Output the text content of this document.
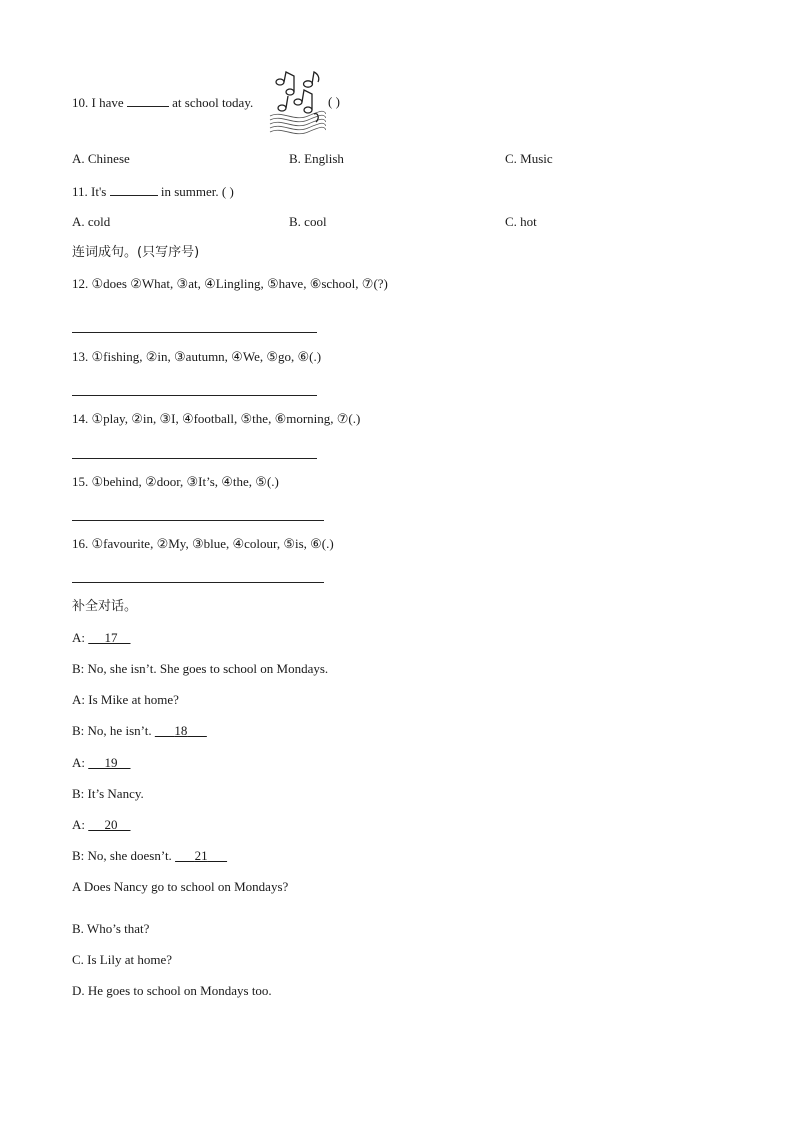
10. I have	at school today.	( )
A. Chinese	B. English	C. Music
11. It's	in summer. ( )
A. cold	B. cool	C. hot
连词成句。(只写序号)
12. ①does ②What, ③at, ④Lingling, ⑤have, ⑥school, ⑦(?)
13. ①fishing, ②in, ③autumn, ④We, ⑤go, ⑥(.)
14. ①play, ②in, ③I, ④football, ⑤the, ⑥morning, ⑦(.)
15. ①behind, ②door, ③It’s, ④the, ⑤(.)
16. ①favourite, ②My, ③blue, ④colour, ⑤is, ⑥(.)
补全对话。
A: 17
B: No, she isn’t. She goes to school on Mondays.
A: Is Mike at home?
B: No, he isn’t. 18
A: 19
B: It’s Nancy.
A: 20
B: No, she doesn’t. 21
A Does Nancy go to school on Mondays?
B. Who’s that?
C. Is Lily at home?
D. He goes to school on Mondays too.
